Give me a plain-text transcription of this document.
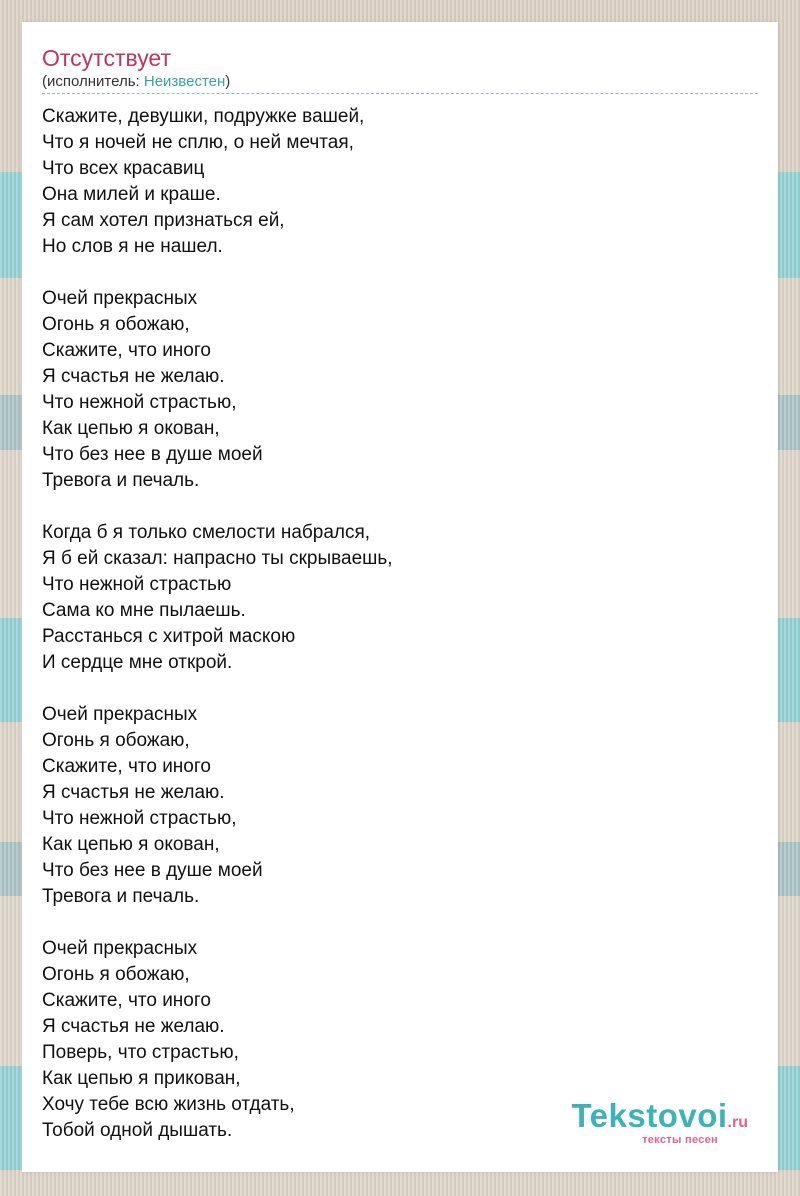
Отсутствует
(исполнитель: Неизвестен)
Скажите, девушки, подружке вашей,
Что я ночей не сплю, о ней мечтая,
Что всех красавиц
Она милей и краше.
Я сам хотел признаться ей,
Но слов я не нашел.
Очей прекрасных
Огонь я обожаю,
Скажите, что иного
Я счастья не желаю.
Что нежной страстью,
Как цепью я окован,
Что без нее в душе моей
Тревога и печаль.
Когда б я только смелости набрался,
Я б ей сказал: напрасно ты скрываешь,
Что нежной страстью
Сама ко мне пылаешь.
Расстанься с хитрой маскою
И сердце мне открой.
Очей прекрасных
Огонь я обожаю,
Скажите, что иного
Я счастья не желаю.
Что нежной страстью,
Как цепью я окован,
Что без нее в душе моей
Тревога и печаль.
Очей прекрасных
Огонь я обожаю,
Скажите, что иного
Я счастья не желаю.
Поверь, что страстью,
Как цепью я прикован,
Хочу тебе всю жизнь отдать,
Тобой одной дышать.	Tekstovoi.ru
тексты песен
